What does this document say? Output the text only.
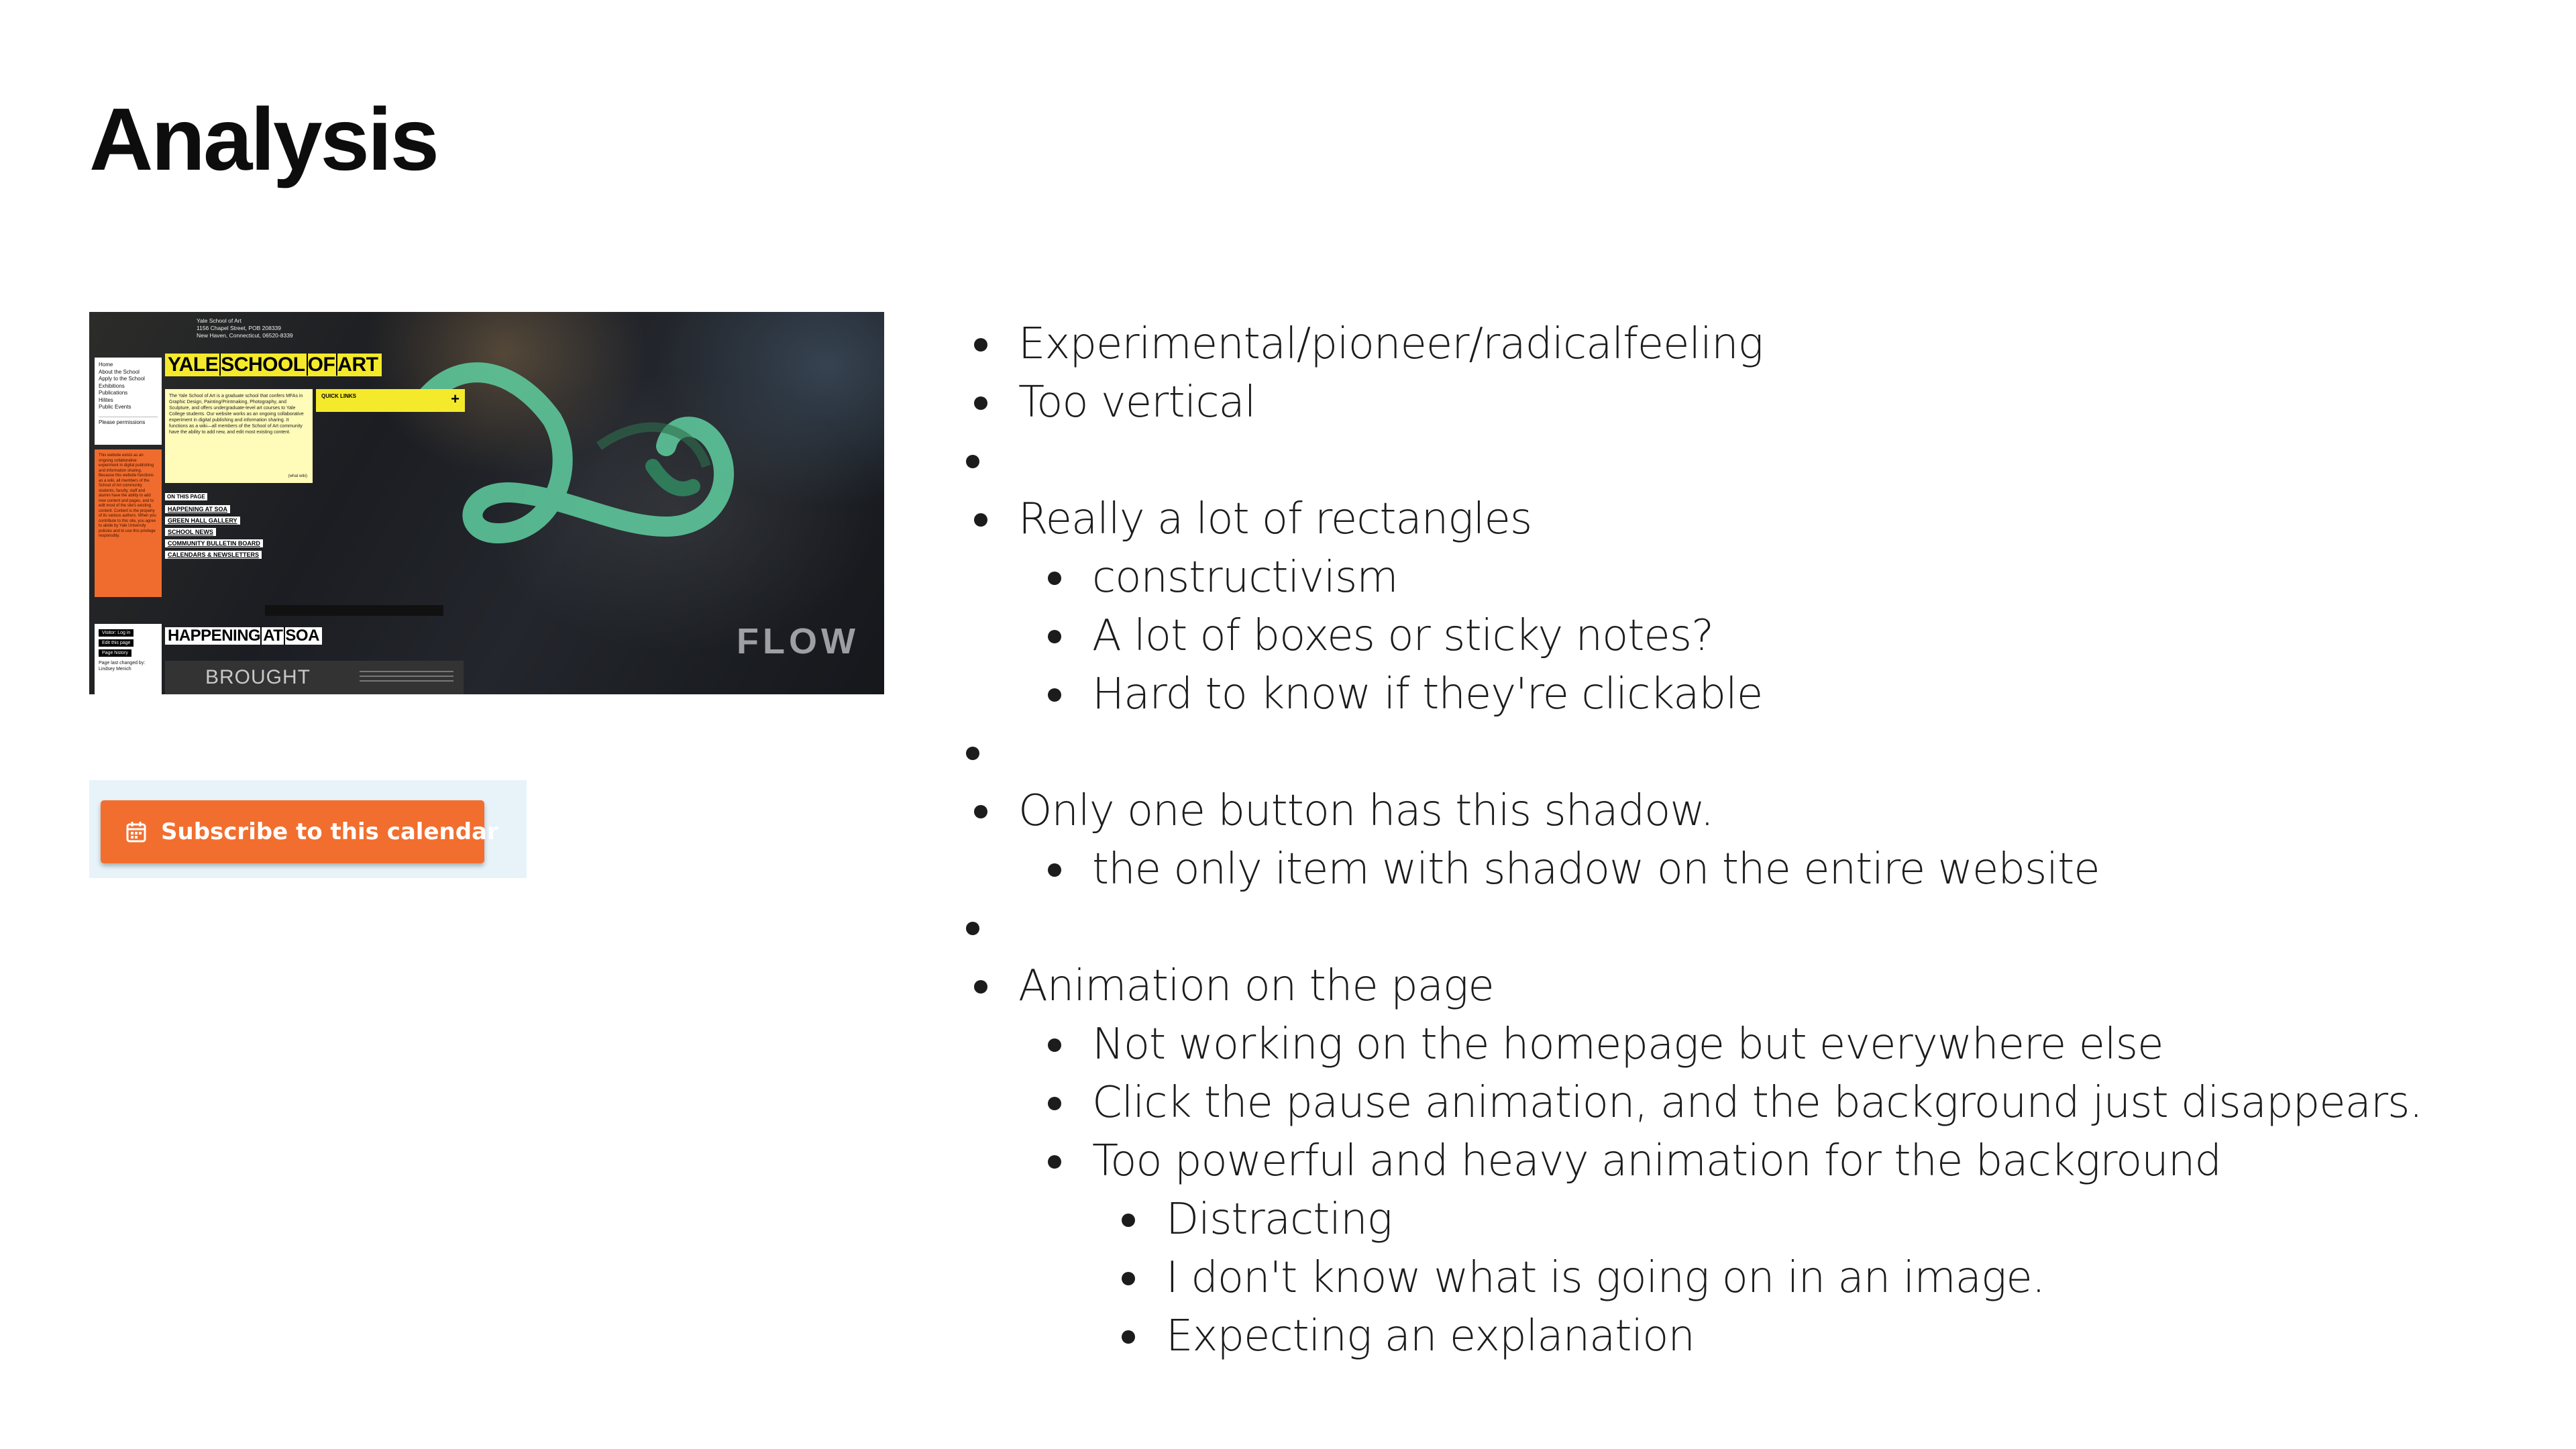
Analysis
Yale School of Art
1156 Chapel Street, POB 208339
New Haven, Connecticut, 06520-8339
Home
About the School
Apply to the School
Exhibitions
Publications
Hilites
Public Events
Please permissions
This website exists as an ongoing collaborative experiment in digital publishing and information sharing. Because this website functions as a wiki, all members of the School of Art community students, faculty, staff and alumni have the ability to add new content and pages, and to edit most of the site's existing content. Content is the property of its various authors. When you contribute to this site, you agree to abide by Yale University policies and to use this privilege responsibly.
Visitor: Log in
Edit this page
Page history
Page last changed by: Lindsey Menich
YALE SCHOOL OF ART
The Yale School of Art is a graduate school that confers MFAs in Graphic Design, Painting/Printmaking, Photography, and Sculpture, and offers undergraduate-level art courses to Yale College students. Our website works as an ongoing collaborative experiment in digital publishing and information sharing. It functions as a wiki—all members of the School of Art community have the ability to add new, and edit most existing content.
(what wiki)
QUICK LINKS	+
ON THIS PAGE
HAPPENING AT SOA
GREEN HALL GALLERY
SCHOOL NEWS
COMMUNITY BULLETIN BOARD
CALENDARS & NEWSLETTERS
FLOW
HAPPENING AT SOA
BROUGHT
Subscribe to this calendar
Experimental/pioneer/radicalfeeling
Too vertical
Really a lot of rectangles
constructivism
A lot of boxes or sticky notes?
Hard to know if they're clickable
Only one button has this shadow.
the only item with shadow on the entire website
Animation on the page
Not working on the homepage but everywhere else
Click the pause animation, and the background just disappears.
Too powerful and heavy animation for the background
Distracting
I don't know what is going on in an image.
Expecting an explanation
